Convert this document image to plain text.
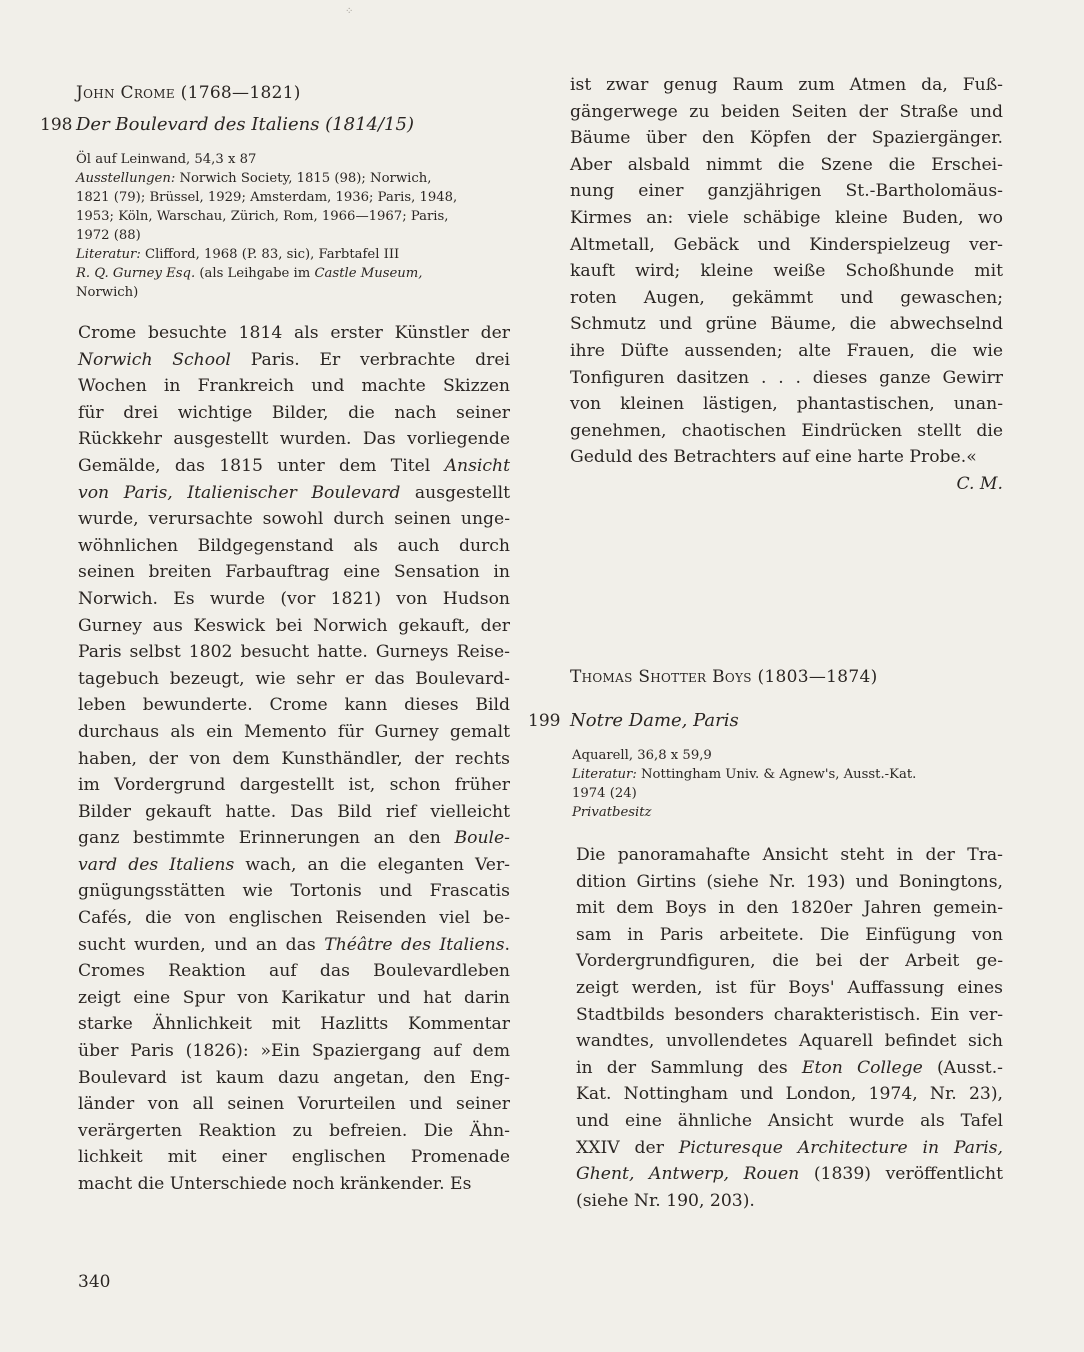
John Crome (1768—1821)
198 Der Boulevard des Italiens (1814/15)
Öl auf Leinwand, 54,3 x 87
Ausstellungen: Norwich Society, 1815 (98); Norwich,
1821 (79); Brüssel, 1929; Amsterdam, 1936; Paris, 1948,
1953; Köln, Warschau, Zürich, Rom, 1966—1967; Paris,
1972 (88)
Literatur: Clifford, 1968 (P. 83, sic), Farbtafel III
R. Q. Gurney Esq. (als Leihgabe im Castle Museum,
Norwich)
Crome besuchte 1814 als erster Künstler der
Norwich School Paris. Er verbrachte drei
Wochen in Frankreich und machte Skizzen
für drei wichtige Bilder, die nach seiner
Rückkehr ausgestellt wurden. Das vorliegende
Gemälde, das 1815 unter dem Titel Ansicht
von Paris, Italienischer Boulevard ausgestellt
wurde, verursachte sowohl durch seinen unge-
wöhnlichen Bildgegenstand als auch durch
seinen breiten Farbauftrag eine Sensation in
Norwich. Es wurde (vor 1821) von Hudson
Gurney aus Keswick bei Norwich gekauft, der
Paris selbst 1802 besucht hatte. Gurneys Reise-
tagebuch bezeugt, wie sehr er das Boulevard-
leben bewunderte. Crome kann dieses Bild
durchaus als ein Memento für Gurney gemalt
haben, der von dem Kunsthändler, der rechts
im Vordergrund dargestellt ist, schon früher
Bilder gekauft hatte. Das Bild rief vielleicht
ganz bestimmte Erinnerungen an den Boule-
vard des Italiens wach, an die eleganten Ver-
gnügungsstätten wie Tortonis und Frascatis
Cafés, die von englischen Reisenden viel be-
sucht wurden, und an das Théâtre des Italiens.
Cromes Reaktion auf das Boulevardleben
zeigt eine Spur von Karikatur und hat darin
starke Ähnlichkeit mit Hazlitts Kommentar
über Paris (1826): »Ein Spaziergang auf dem
Boulevard ist kaum dazu angetan, den Eng-
länder von all seinen Vorurteilen und seiner
verärgerten Reaktion zu befreien. Die Ähn-
lichkeit mit einer englischen Promenade
macht die Unterschiede noch kränkender. Es
ist zwar genug Raum zum Atmen da, Fuß-
gängerwege zu beiden Seiten der Straße und
Bäume über den Köpfen der Spaziergänger.
Aber alsbald nimmt die Szene die Erschei-
nung einer ganzjährigen St.-Bartholomäus-
Kirmes an: viele schäbige kleine Buden, wo
Altmetall, Gebäck und Kinderspielzeug ver-
kauft wird; kleine weiße Schoßhunde mit
roten Augen, gekämmt und gewaschen;
Schmutz und grüne Bäume, die abwechselnd
ihre Düfte aussenden; alte Frauen, die wie
Tonfiguren dasitzen . . . dieses ganze Gewirr
von kleinen lästigen, phantastischen, unan-
genehmen, chaotischen Eindrücken stellt die
Geduld des Betrachters auf eine harte Probe.«
C. M.
Thomas Shotter Boys (1803—1874)
199 Notre Dame, Paris
Aquarell, 36,8 x 59,9
Literatur: Nottingham Univ. & Agnew's, Ausst.-Kat.
1974 (24)
Privatbesitz
Die panoramahafte Ansicht steht in der Tra-
dition Girtins (siehe Nr. 193) und Boningtons,
mit dem Boys in den 1820er Jahren gemein-
sam in Paris arbeitete. Die Einfügung von
Vordergrundfiguren, die bei der Arbeit ge-
zeigt werden, ist für Boys' Auffassung eines
Stadtbilds besonders charakteristisch. Ein ver-
wandtes, unvollendetes Aquarell befindet sich
in der Sammlung des Eton College (Ausst.-
Kat. Nottingham und London, 1974, Nr. 23),
und eine ähnliche Ansicht wurde als Tafel
XXIV der Picturesque Architecture in Paris,
Ghent, Antwerp, Rouen (1839) veröffentlicht
(siehe Nr. 190, 203).
340
⁘
